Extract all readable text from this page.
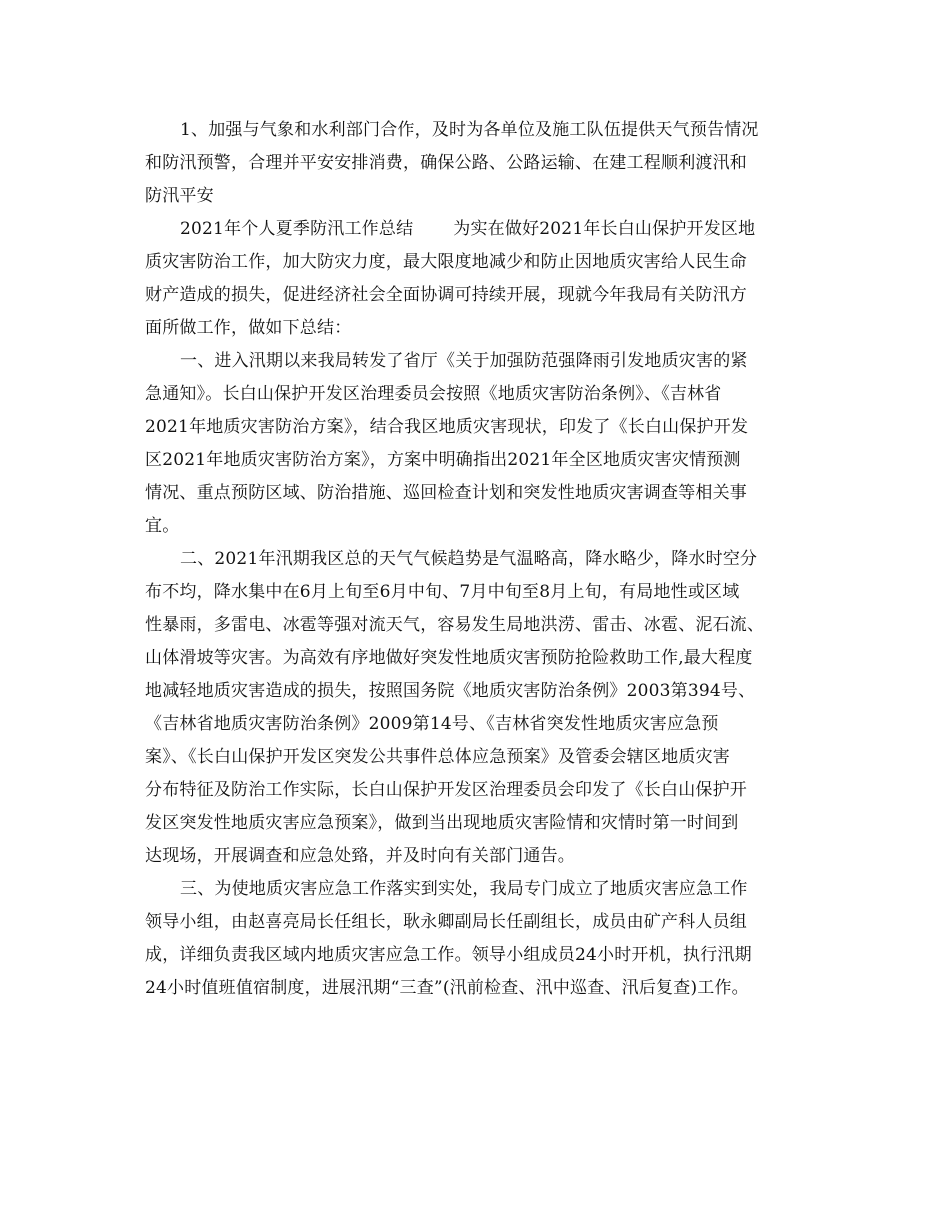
1、加强与气象和水利部门合作，及时为各单位及施工队伍提供天气预告情况
和防汛预警，合理并平安安排消费，确保公路、公路运输、在建工程顺利渡汛和
防汛平安
2021年个人夏季防汛工作总结 为实在做好2021年长白山保护开发区地
质灾害防治工作，加大防灾力度，最大限度地减少和防止因地质灾害给人民生命
财产造成的损失，促进经济社会全面协调可持续开展，现就今年我局有关防汛方
面所做工作，做如下总结：
一、进入汛期以来我局转发了省厅《关于加强防范强降雨引发地质灾害的紧
急通知》。长白山保护开发区治理委员会按照《地质灾害防治条例》、《吉林省
2021年地质灾害防治方案》，结合我区地质灾害现状，印发了《长白山保护开发
区2021年地质灾害防治方案》，方案中明确指出2021年全区地质灾害灾情预测
情况、重点预防区域、防治措施、巡回检查计划和突发性地质灾害调查等相关事
宜。
二、2021年汛期我区总的天气气候趋势是气温略高，降水略少，降水时空分
布不均，降水集中在6月上旬至6月中旬、7月中旬至8月上旬，有局地性或区域
性暴雨，多雷电、冰雹等强对流天气，容易发生局地洪涝、雷击、冰雹、泥石流、
山体滑坡等灾害。为高效有序地做好突发性地质灾害预防抢险救助工作,最大程度
地减轻地质灾害造成的损失，按照国务院《地质灾害防治条例》2003第394号、
《吉林省地质灾害防治条例》2009第14号、《吉林省突发性地质灾害应急预
案》、《长白山保护开发区突发公共事件总体应急预案》及管委会辖区地质灾害
分布特征及防治工作实际，长白山保护开发区治理委员会印发了《长白山保护开
发区突发性地质灾害应急预案》，做到当出现地质灾害险情和灾情时第一时间到
达现场，开展调查和应急处臵，并及时向有关部门通告。
三、为使地质灾害应急工作落实到实处，我局专门成立了地质灾害应急工作
领导小组，由赵喜亮局长任组长，耿永卿副局长任副组长，成员由矿产科人员组
成，详细负责我区域内地质灾害应急工作。领导小组成员24小时开机，执行汛期
24小时值班值宿制度，进展汛期“三查”(汛前检查、汛中巡查、汛后复查)工作。
